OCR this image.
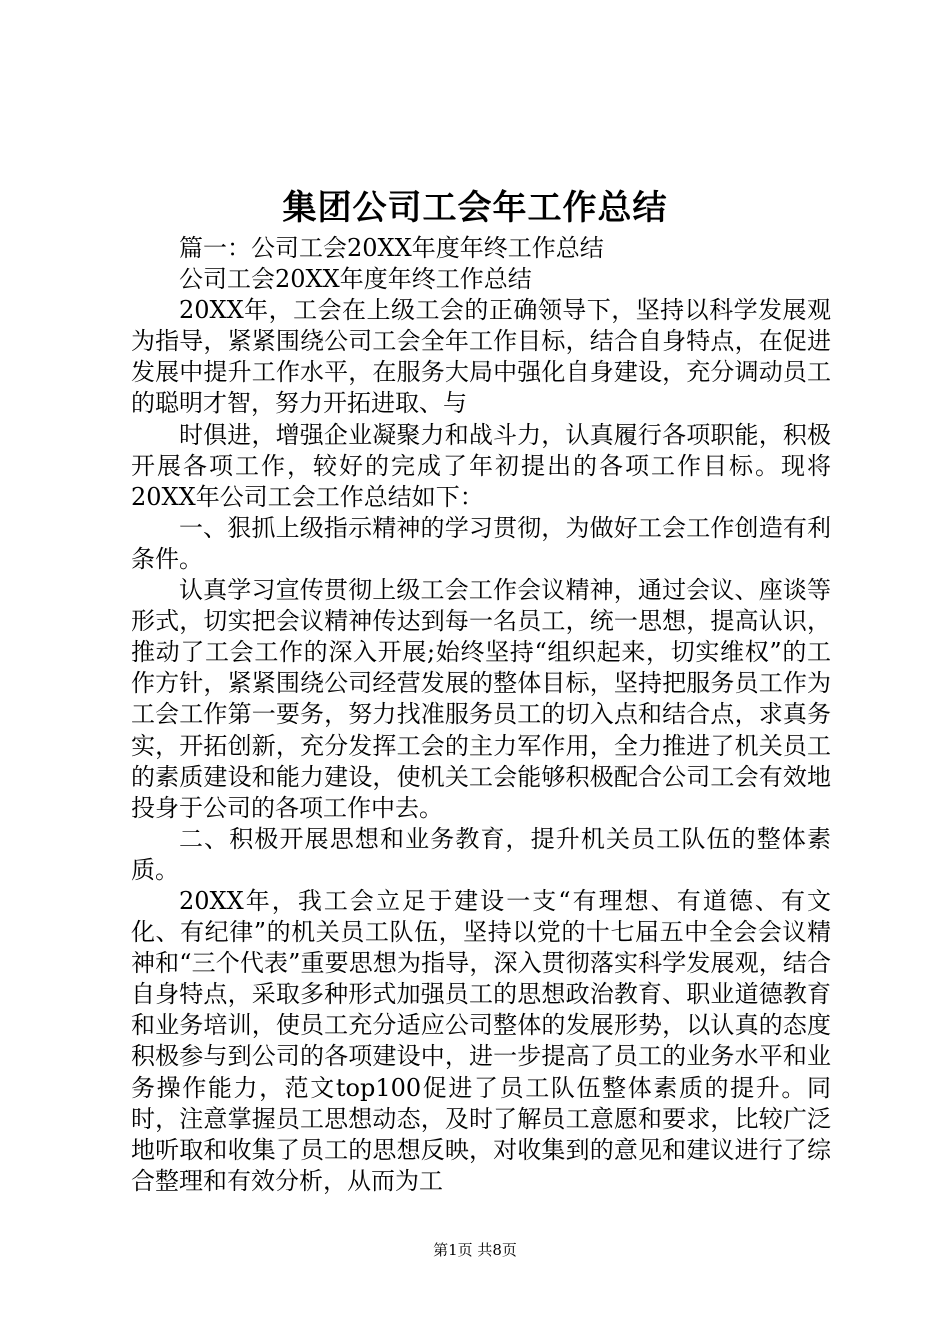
集团公司工会年工作总结

篇一：公司工会20XX年度年终工作总结

公司工会20XX年度年终工作总结

20XX年，工会在上级工会的正确领导下，坚持以科学发展观为指导，紧紧围绕公司工会全年工作目标，结合自身特点，在促进发展中提升工作水平，在服务大局中强化自身建设，充分调动员工的聪明才智，努力开拓进取、与

时俱进，增强企业凝聚力和战斗力，认真履行各项职能，积极开展各项工作，较好的完成了年初提出的各项工作目标。现将20XX年公司工会工作总结如下：

一、狠抓上级指示精神的学习贯彻，为做好工会工作创造有利条件。

认真学习宣传贯彻上级工会工作会议精神，通过会议、座谈等形式，切实把会议精神传达到每一名员工，统一思想，提高认识，推动了工会工作的深入开展;始终坚持“组织起来，切实维权”的工作方针，紧紧围绕公司经营发展的整体目标，坚持把服务员工作为工会工作第一要务，努力找准服务员工的切入点和结合点，求真务实，开拓创新，充分发挥工会的主力军作用，全力推进了机关员工的素质建设和能力建设，使机关工会能够积极配合公司工会有效地投身于公司的各项工作中去。

二、积极开展思想和业务教育，提升机关员工队伍的整体素质。

20XX年，我工会立足于建设一支“有理想、有道德、有文化、有纪律”的机关员工队伍，坚持以党的十七届五中全会会议精神和“三个代表”重要思想为指导，深入贯彻落实科学发展观，结合自身特点，采取多种形式加强员工的思想政治教育、职业道德教育和业务培训，使员工充分适应公司整体的发展形势，以认真的态度积极参与到公司的各项建设中，进一步提高了员工的业务水平和业务操作能力，范文top100促进了员工队伍整体素质的提升。同时，注意掌握员工思想动态，及时了解员工意愿和要求，比较广泛地听取和收集了员工的思想反映，对收集到的意见和建议进行了综合整理和有效分析，从而为工

第1页 共8页
